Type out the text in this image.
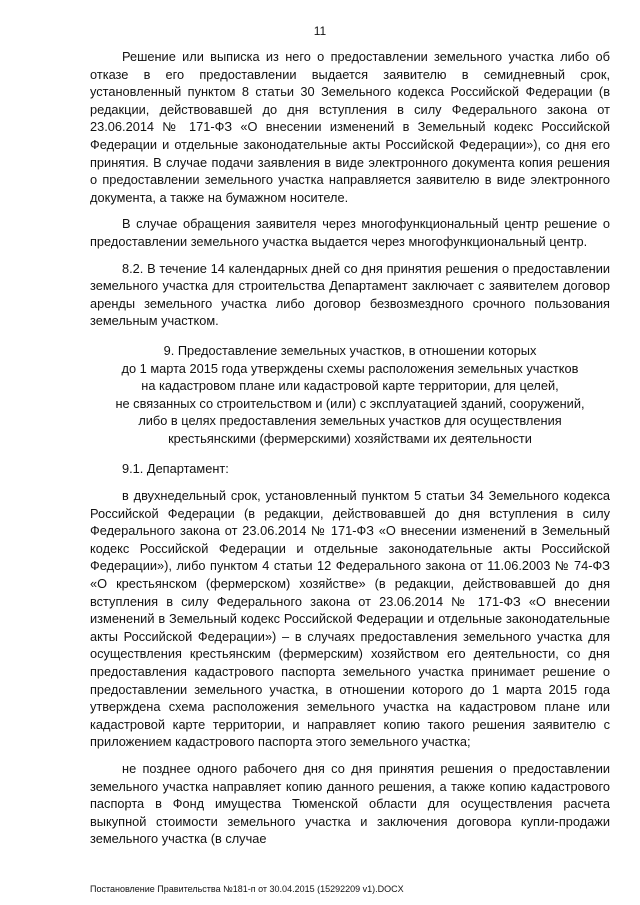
11

Решение или выписка из него о предоставлении земельного участка либо об отказе в его предоставлении выдается заявителю в семидневный срок, установленный пунктом 8 статьи 30 Земельного кодекса Российской Федерации (в редакции, действовавшей до дня вступления в силу Федерального закона от 23.06.2014 № 171-ФЗ «О внесении изменений в Земельный кодекс Российской Федерации и отдельные законодательные акты Российской Федерации»), со дня его принятия. В случае подачи заявления в виде электронного документа копия решения о предоставлении земельного участка направляется заявителю в виде электронного документа, а также на бумажном носителе.

В случае обращения заявителя через многофункциональный центр решение о предоставлении земельного участка выдается через многофункциональный центр.

8.2. В течение 14 календарных дней со дня принятия решения о предоставлении земельного участка для строительства Департамент заключает с заявителем договор аренды земельного участка либо договор безвозмездного срочного пользования земельным участком.

9. Предоставление земельных участков, в отношении которых
до 1 марта 2015 года утверждены схемы расположения земельных участков
на кадастровом плане или кадастровой карте территории, для целей,
не связанных со строительством и (или) с эксплуатацией зданий, сооружений,
либо в целях предоставления земельных участков для осуществления
крестьянскими (фермерскими) хозяйствами их деятельности

9.1. Департамент:

в двухнедельный срок, установленный пунктом 5 статьи 34 Земельного кодекса Российской Федерации (в редакции, действовавшей до дня вступления в силу Федерального закона от 23.06.2014 № 171-ФЗ «О внесении изменений в Земельный кодекс Российской Федерации и отдельные законодательные акты Российской Федерации»), либо пунктом 4 статьи 12 Федерального закона от 11.06.2003 № 74-ФЗ «О крестьянском (фермерском) хозяйстве» (в редакции, действовавшей до дня вступления в силу Федерального закона от 23.06.2014 № 171-ФЗ «О внесении изменений в Земельный кодекс Российской Федерации и отдельные законодательные акты Российской Федерации») – в случаях предоставления земельного участка для осуществления крестьянским (фермерским) хозяйством его деятельности, со дня предоставления кадастрового паспорта земельного участка принимает решение о предоставлении земельного участка, в отношении которого до 1 марта 2015 года утверждена схема расположения земельного участка на кадастровом плане или кадастровой карте территории, и направляет копию такого решения заявителю с приложением кадастрового паспорта этого земельного участка;

не позднее одного рабочего дня со дня принятия решения о предоставлении земельного участка направляет копию данного решения, а также копию кадастрового паспорта в Фонд имущества Тюменской области для осуществления расчета выкупной стоимости земельного участка и заключения договора купли-продажи земельного участка (в случае

Постановление Правительства №181-п от 30.04.2015 (15292209 v1).DOCX
